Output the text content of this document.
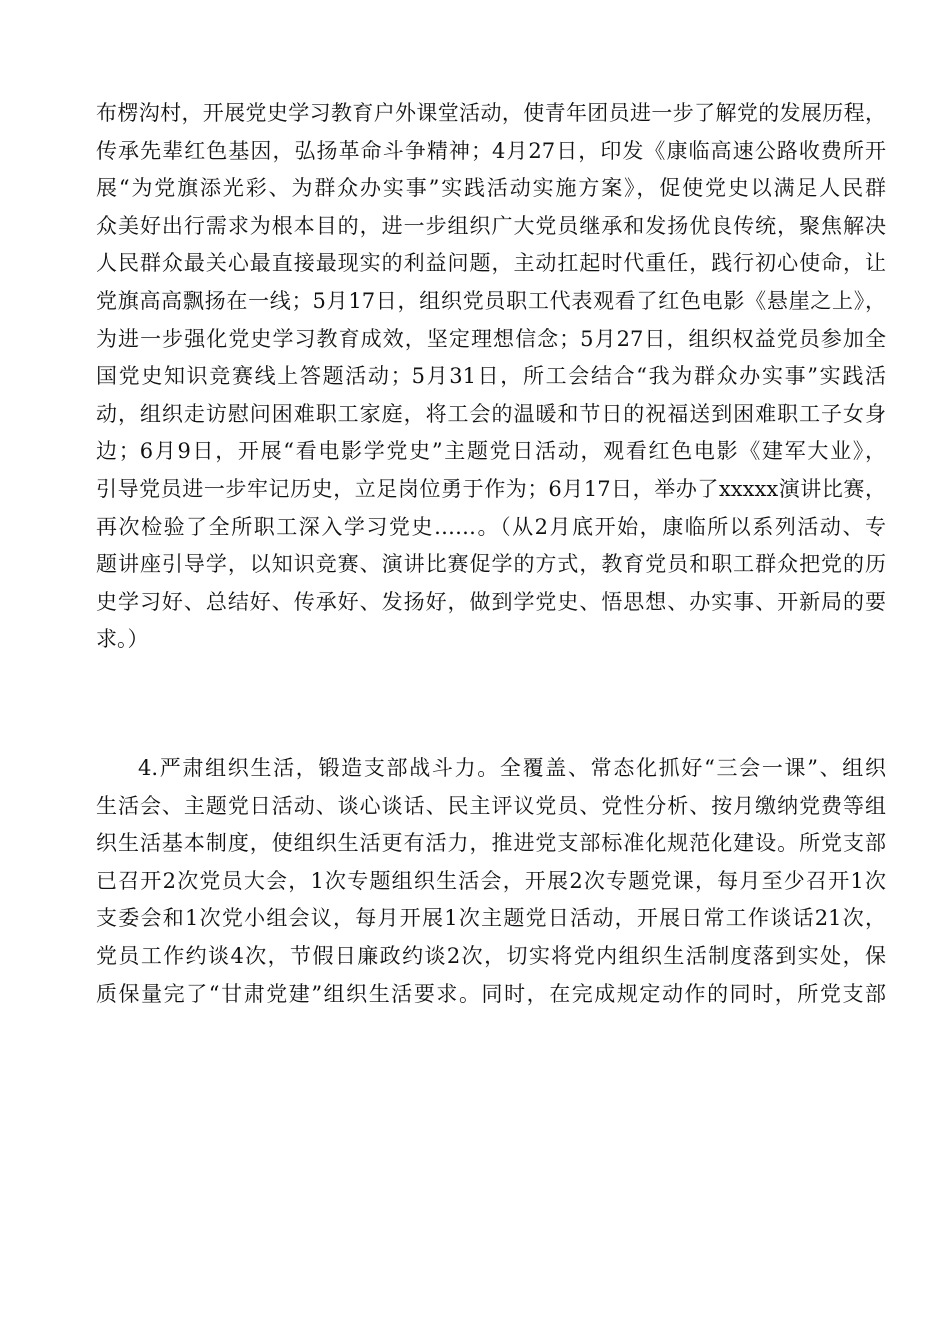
布楞沟村，开展党史学习教育户外课堂活动，使青年团员进一步了解党的发展历程，
传承先辈红色基因，弘扬革命斗争精神；4月27日，印发《康临高速公路收费所开
展“为党旗添光彩、为群众办实事”实践活动实施方案》，促使党史以满足人民群
众美好出行需求为根本目的，进一步组织广大党员继承和发扬优良传统，聚焦解决
人民群众最关心最直接最现实的利益问题，主动扛起时代重任，践行初心使命，让
党旗高高飘扬在一线；5月17日，组织党员职工代表观看了红色电影《悬崖之上》，
为进一步强化党史学习教育成效，坚定理想信念；5月27日，组织权益党员参加全
国党史知识竞赛线上答题活动；5月31日，所工会结合“我为群众办实事”实践活
动，组织走访慰问困难职工家庭，将工会的温暖和节日的祝福送到困难职工子女身
边；6月9日，开展“看电影学党史”主题党日活动，观看红色电影《建军大业》，
引导党员进一步牢记历史，立足岗位勇于作为；6月17日，举办了xxxxx演讲比赛，
再次检验了全所职工深入学习党史……。（从2月底开始，康临所以系列活动、专
题讲座引导学，以知识竞赛、演讲比赛促学的方式，教育党员和职工群众把党的历
史学习好、总结好、传承好、发扬好，做到学党史、悟思想、办实事、开新局的要
求。）
4.严肃组织生活，锻造支部战斗力。全覆盖、常态化抓好“三会一课”、组织
生活会、主题党日活动、谈心谈话、民主评议党员、党性分析、按月缴纳党费等组
织生活基本制度，使组织生活更有活力，推进党支部标准化规范化建设。所党支部
已召开2次党员大会，1次专题组织生活会，开展2次专题党课，每月至少召开1次
支委会和1次党小组会议，每月开展1次主题党日活动，开展日常工作谈话21次，
党员工作约谈4次，节假日廉政约谈2次，切实将党内组织生活制度落到实处，保
质保量完了“甘肃党建”组织生活要求。同时，在完成规定动作的同时，所党支部
